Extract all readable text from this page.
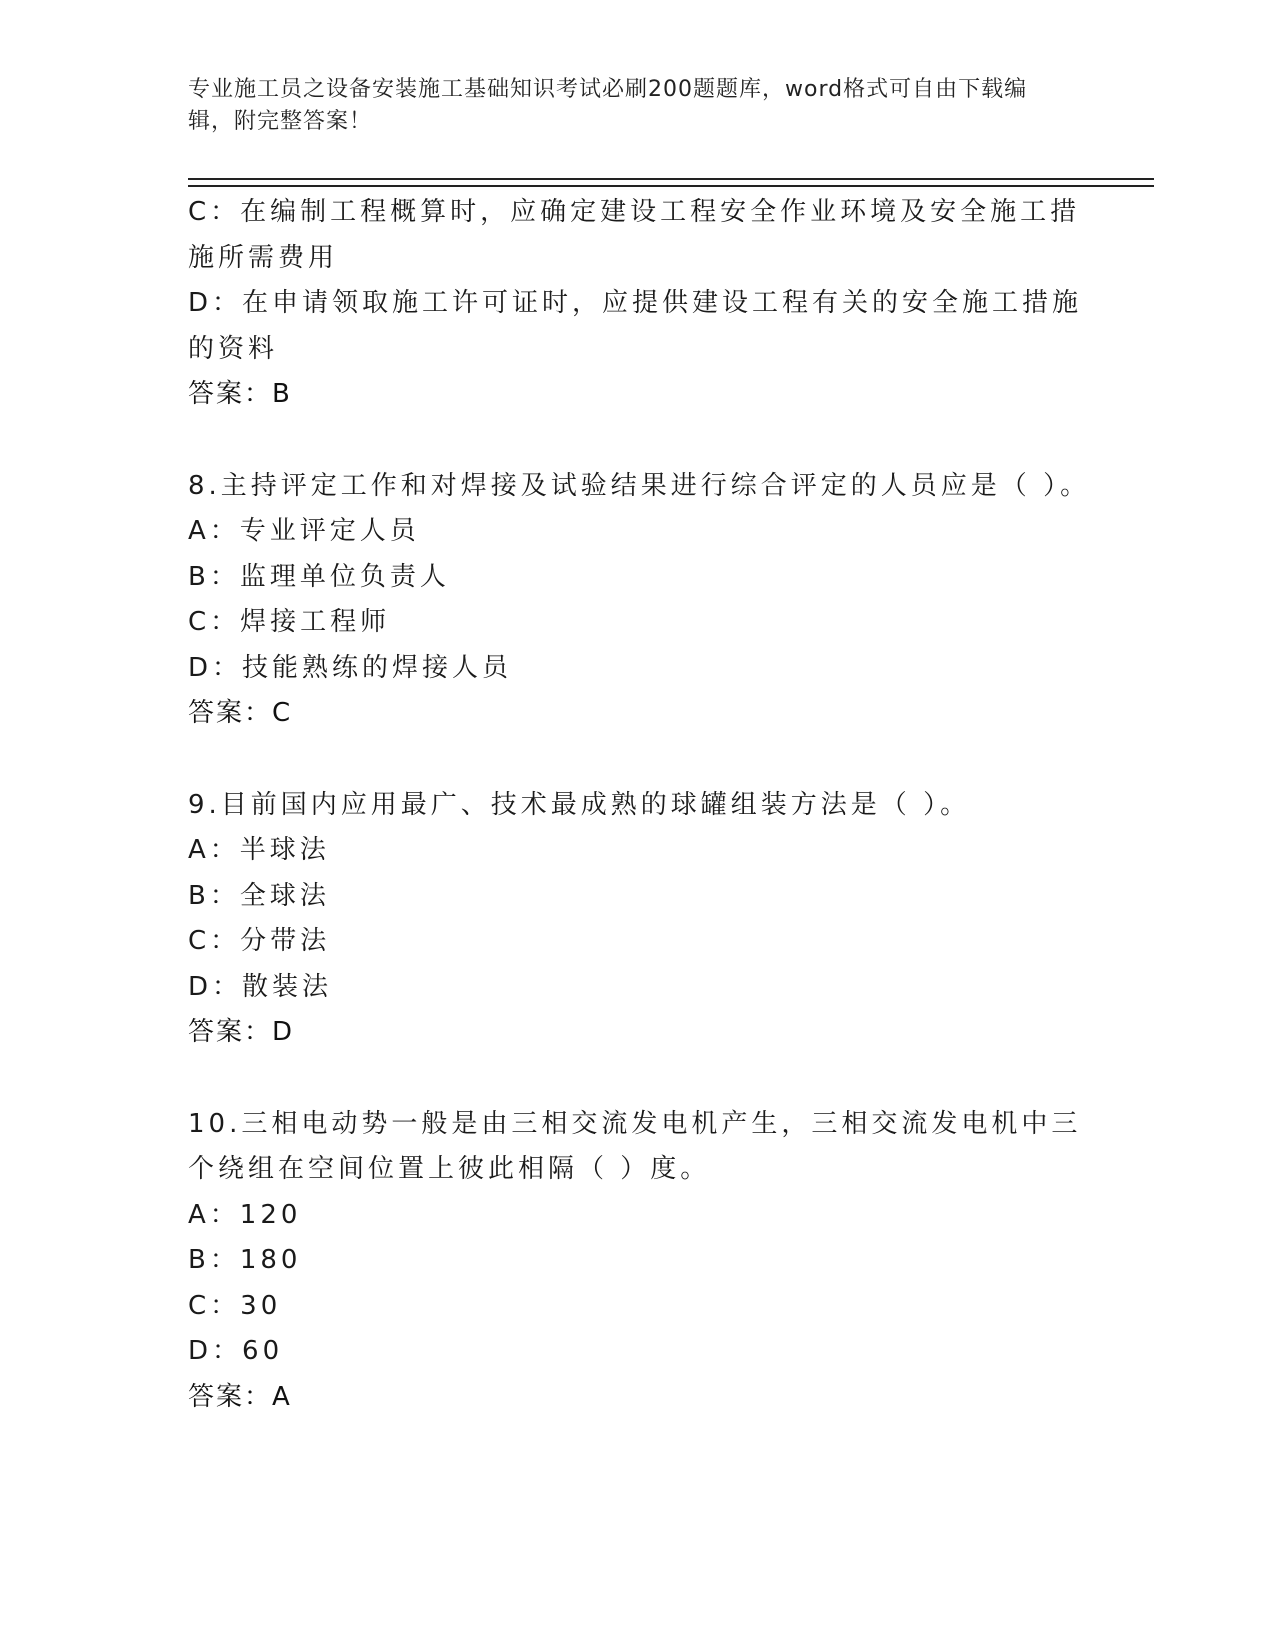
专业施工员之设备安装施工基础知识考试必刷200题题库，word格式可自由下载编辑，附完整答案！
C：在编制工程概算时，应确定建设工程安全作业环境及安全施工措施所需费用
D：在申请领取施工许可证时，应提供建设工程有关的安全施工措施的资料
答案：B
8.主持评定工作和对焊接及试验结果进行综合评定的人员应是（ ）。
A：专业评定人员
B：监理单位负责人
C：焊接工程师
D：技能熟练的焊接人员
答案：C
9.目前国内应用最广、技术最成熟的球罐组装方法是（ ）。
A：半球法
B：全球法
C：分带法
D：散装法
答案：D
10.三相电动势一般是由三相交流发电机产生，三相交流发电机中三个绕组在空间位置上彼此相隔（ ）度。
A：120
B：180
C：30
D：60
答案：A
